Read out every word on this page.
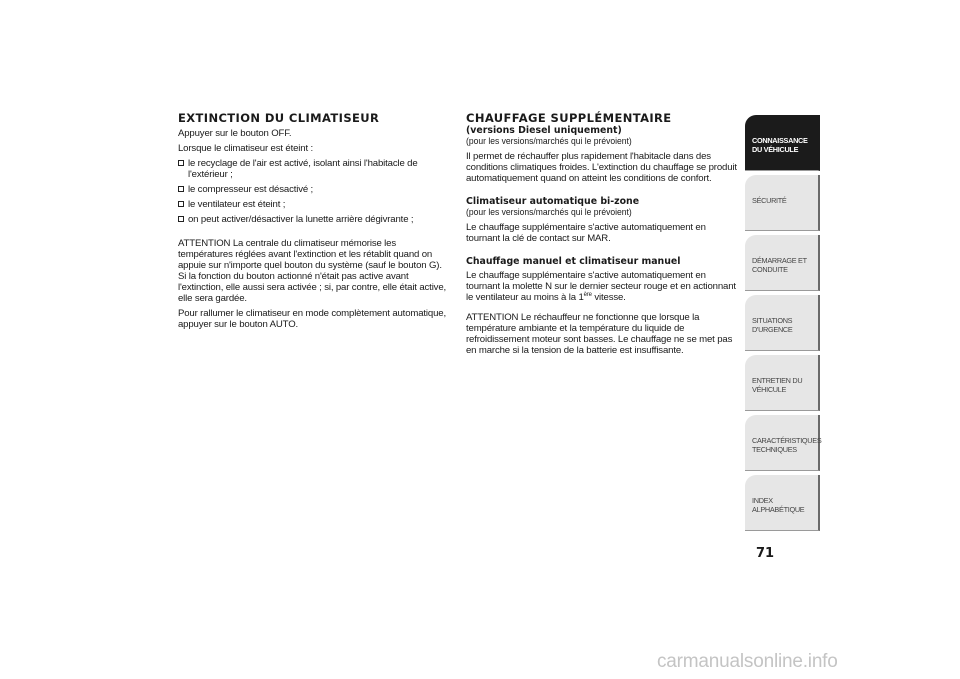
EXTINCTION DU CLIMATISEUR

Appuyer sur le bouton OFF.

Lorsque le climatiseur est éteint :

le recyclage de l'air est activé, isolant ainsi l'habitacle de l'extérieur ;
le compresseur est désactivé ;
le ventilateur est éteint ;
on peut activer/désactiver la lunette arrière dégivrante ;

ATTENTION La centrale du climatiseur mémorise les températures réglées avant l'extinction et les rétablit quand on appuie sur n'importe quel bouton du système (sauf le bouton G). Si la fonction du bouton actionné n'était pas active avant l'extinction, elle aussi sera activée ; si, par contre, elle était active, elle sera gardée.

Pour rallumer le climatiseur en mode complètement automatique, appuyer sur le bouton AUTO.

CHAUFFAGE SUPPLÉMENTAIRE
(versions Diesel uniquement)
(pour les versions/marchés qui le prévoient)

Il permet de réchauffer plus rapidement l'habitacle dans des conditions climatiques froides. L'extinction du chauffage se produit automatiquement quand on atteint les conditions de confort.

Climatiseur automatique bi-zone
(pour les versions/marchés qui le prévoient)

Le chauffage supplémentaire s'active automatiquement en tournant la clé de contact sur MAR.

Chauffage manuel et climatiseur manuel

Le chauffage supplémentaire s'active automatiquement en tournant la molette N sur le dernier secteur rouge et en actionnant le ventilateur au moins à la 1ère vitesse.

ATTENTION Le réchauffeur ne fonctionne que lorsque la température ambiante et la température du liquide de refroidissement moteur sont basses. Le chauffage ne se met pas en marche si la tension de la batterie est insuffisante.

CONNAISSANCE
DU VÉHICULE
SÉCURITÉ
DÉMARRAGE ET
CONDUITE
SITUATIONS
D'URGENCE
ENTRETIEN DU
VÉHICULE
CARACTÉRISTIQUES
TECHNIQUES
INDEX
ALPHABÉTIQUE
71
carmanualsonline.info
